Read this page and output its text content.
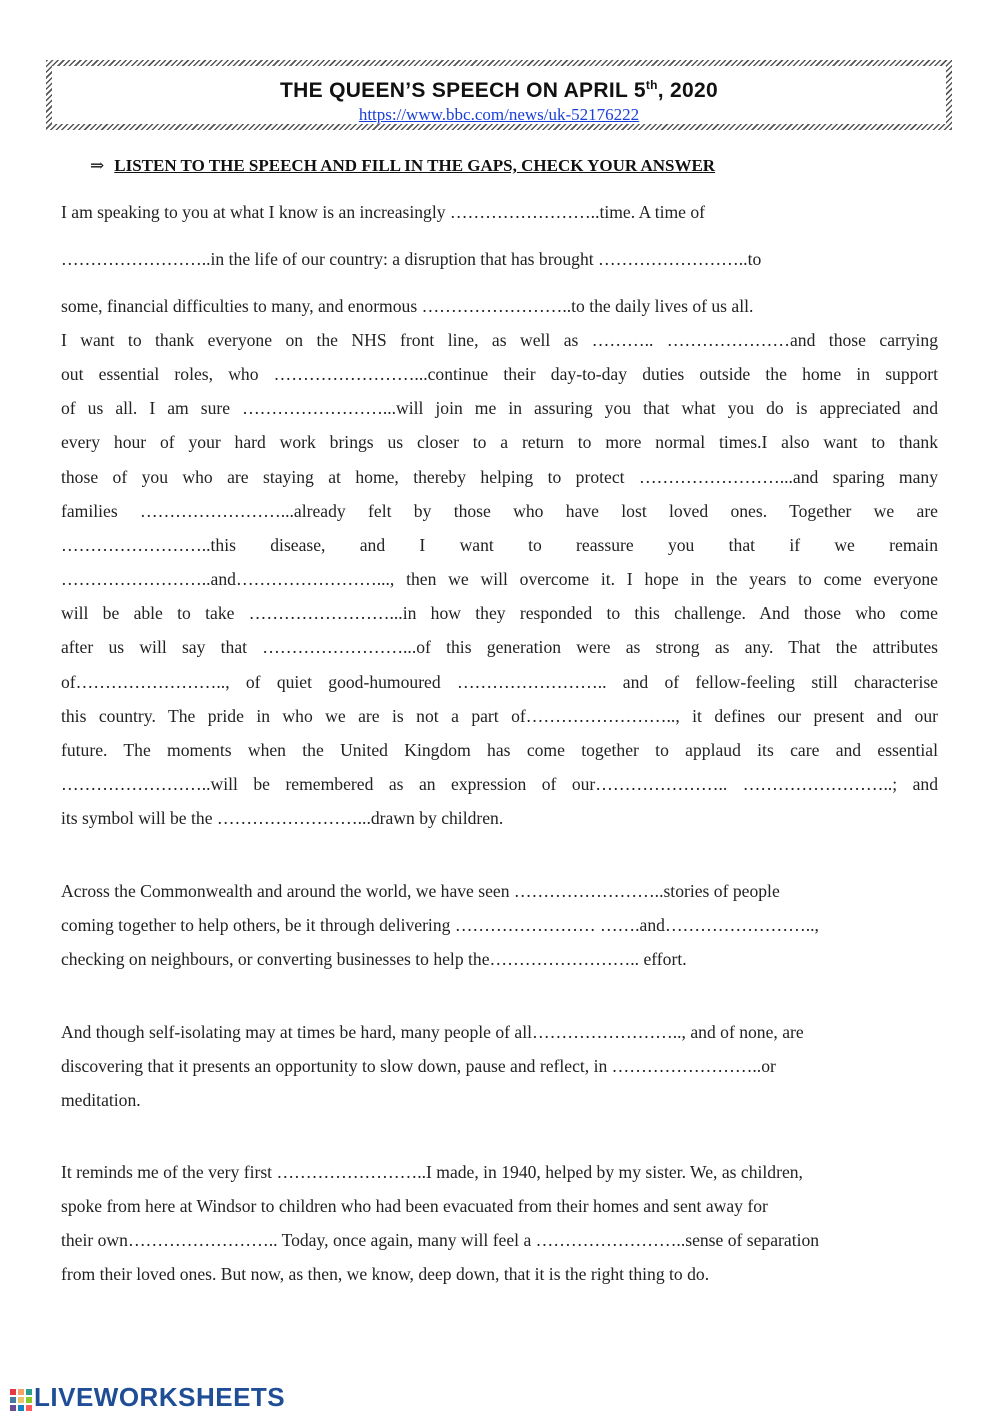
THE QUEEN’S SPEECH ON APRIL 5th, 2020
https://www.bbc.com/news/uk-52176222
⇒ LISTEN TO THE SPEECH AND FILL IN THE GAPS, CHECK YOUR ANSWER
I am speaking to you at what I know is an increasingly ……………………..time. A time of
……………………..in the life of our country: a disruption that has brought ……………………..to
some, financial difficulties to many, and enormous ……………………..to the daily lives of us all.
I want to thank everyone on the NHS front line, as well as ……….. …………………and those carrying
out essential roles, who ……………………...continue their day-to-day duties outside the home in support
of us all. I am sure ……………………...will join me in assuring you that what you do is appreciated and
every hour of your hard work brings us closer to a return to more normal times.I also want to thank
those of you who are staying at home, thereby helping to protect ……………………...and sparing many
families ……………………...already felt by those who have lost loved ones. Together we are
……………………..this disease, and I want to reassure you that if we remain
……………………..and……………………..., then we will overcome it. I hope in the years to come everyone
will be able to take ……………………...in how they responded to this challenge. And those who come
after us will say that ……………………...of this generation were as strong as any. That the attributes
of…………………….., of quiet good-humoured …………………….. and of fellow-feeling still characterise
this country. The pride in who we are is not a part of…………………….., it defines our present and our
future. The moments when the United Kingdom has come together to applaud its care and essential
……………………..will be remembered as an expression of our………………….. ……………………..; and
its symbol will be the ……………………...drawn by children.
Across the Commonwealth and around the world, we have seen ……………………..stories of people
coming together to help others, be it through delivering …………………… …….and……………………..,
checking on neighbours, or converting businesses to help the…………………….. effort.
And though self-isolating may at times be hard, many people of all…………………….., and of none, are
discovering that it presents an opportunity to slow down, pause and reflect, in ……………………..or
meditation.
It reminds me of the very first ……………………..I made, in 1940, helped by my sister. We, as children,
spoke from here at Windsor to children who had been evacuated from their homes and sent away for
their own…………………….. Today, once again, many will feel a ……………………..sense of separation
from their loved ones. But now, as then, we know, deep down, that it is the right thing to do.
LIVEWORKSHEETS
